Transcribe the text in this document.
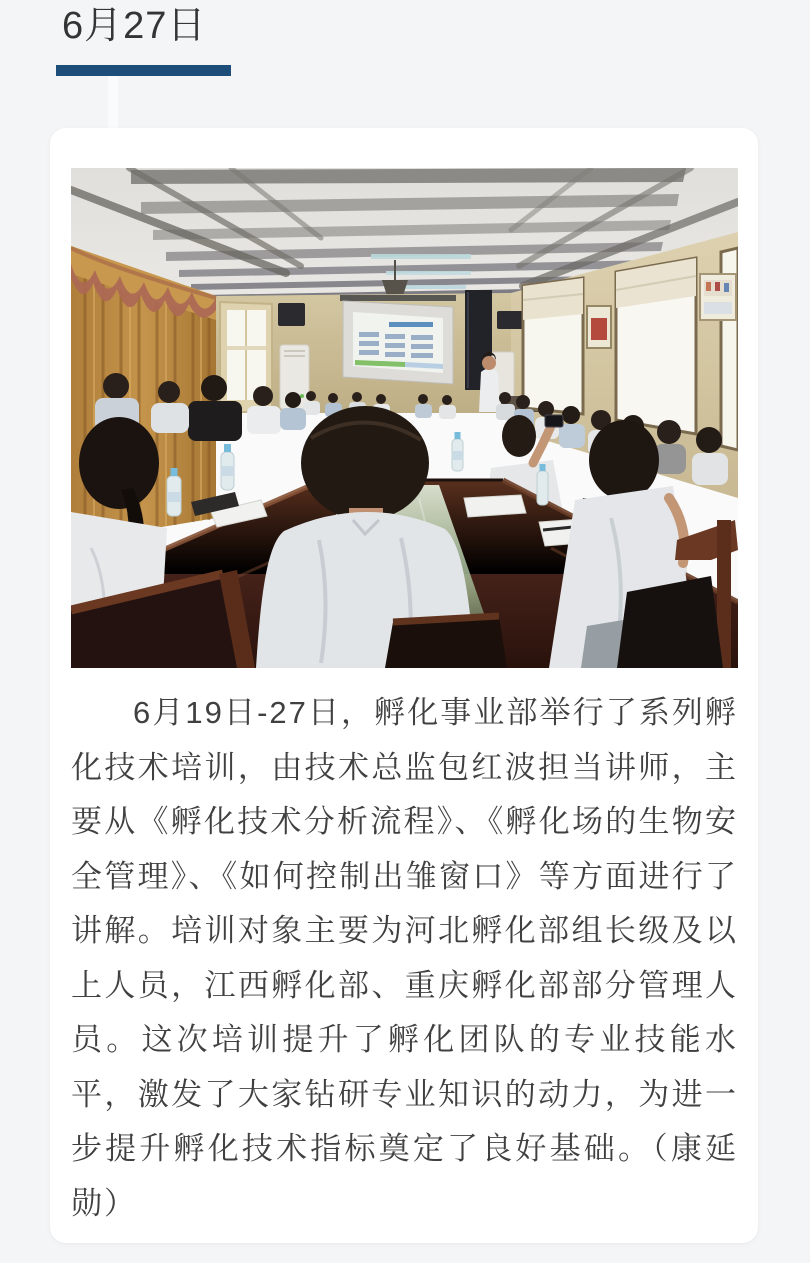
6月27日

6月19日-27日，孵化事业部举行了系列孵化技术培训，由技术总监包红波担当讲师，主要从《孵化技术分析流程》、《孵化场的生物安全管理》、《如何控制出雏窗口》等方面进行了讲解。培训对象主要为河北孵化部组长级及以上人员，江西孵化部、重庆孵化部部分管理人员。这次培训提升了孵化团队的专业技能水平，激发了大家钻研专业知识的动力，为进一步提升孵化技术指标奠定了良好基础。（康延勋）
